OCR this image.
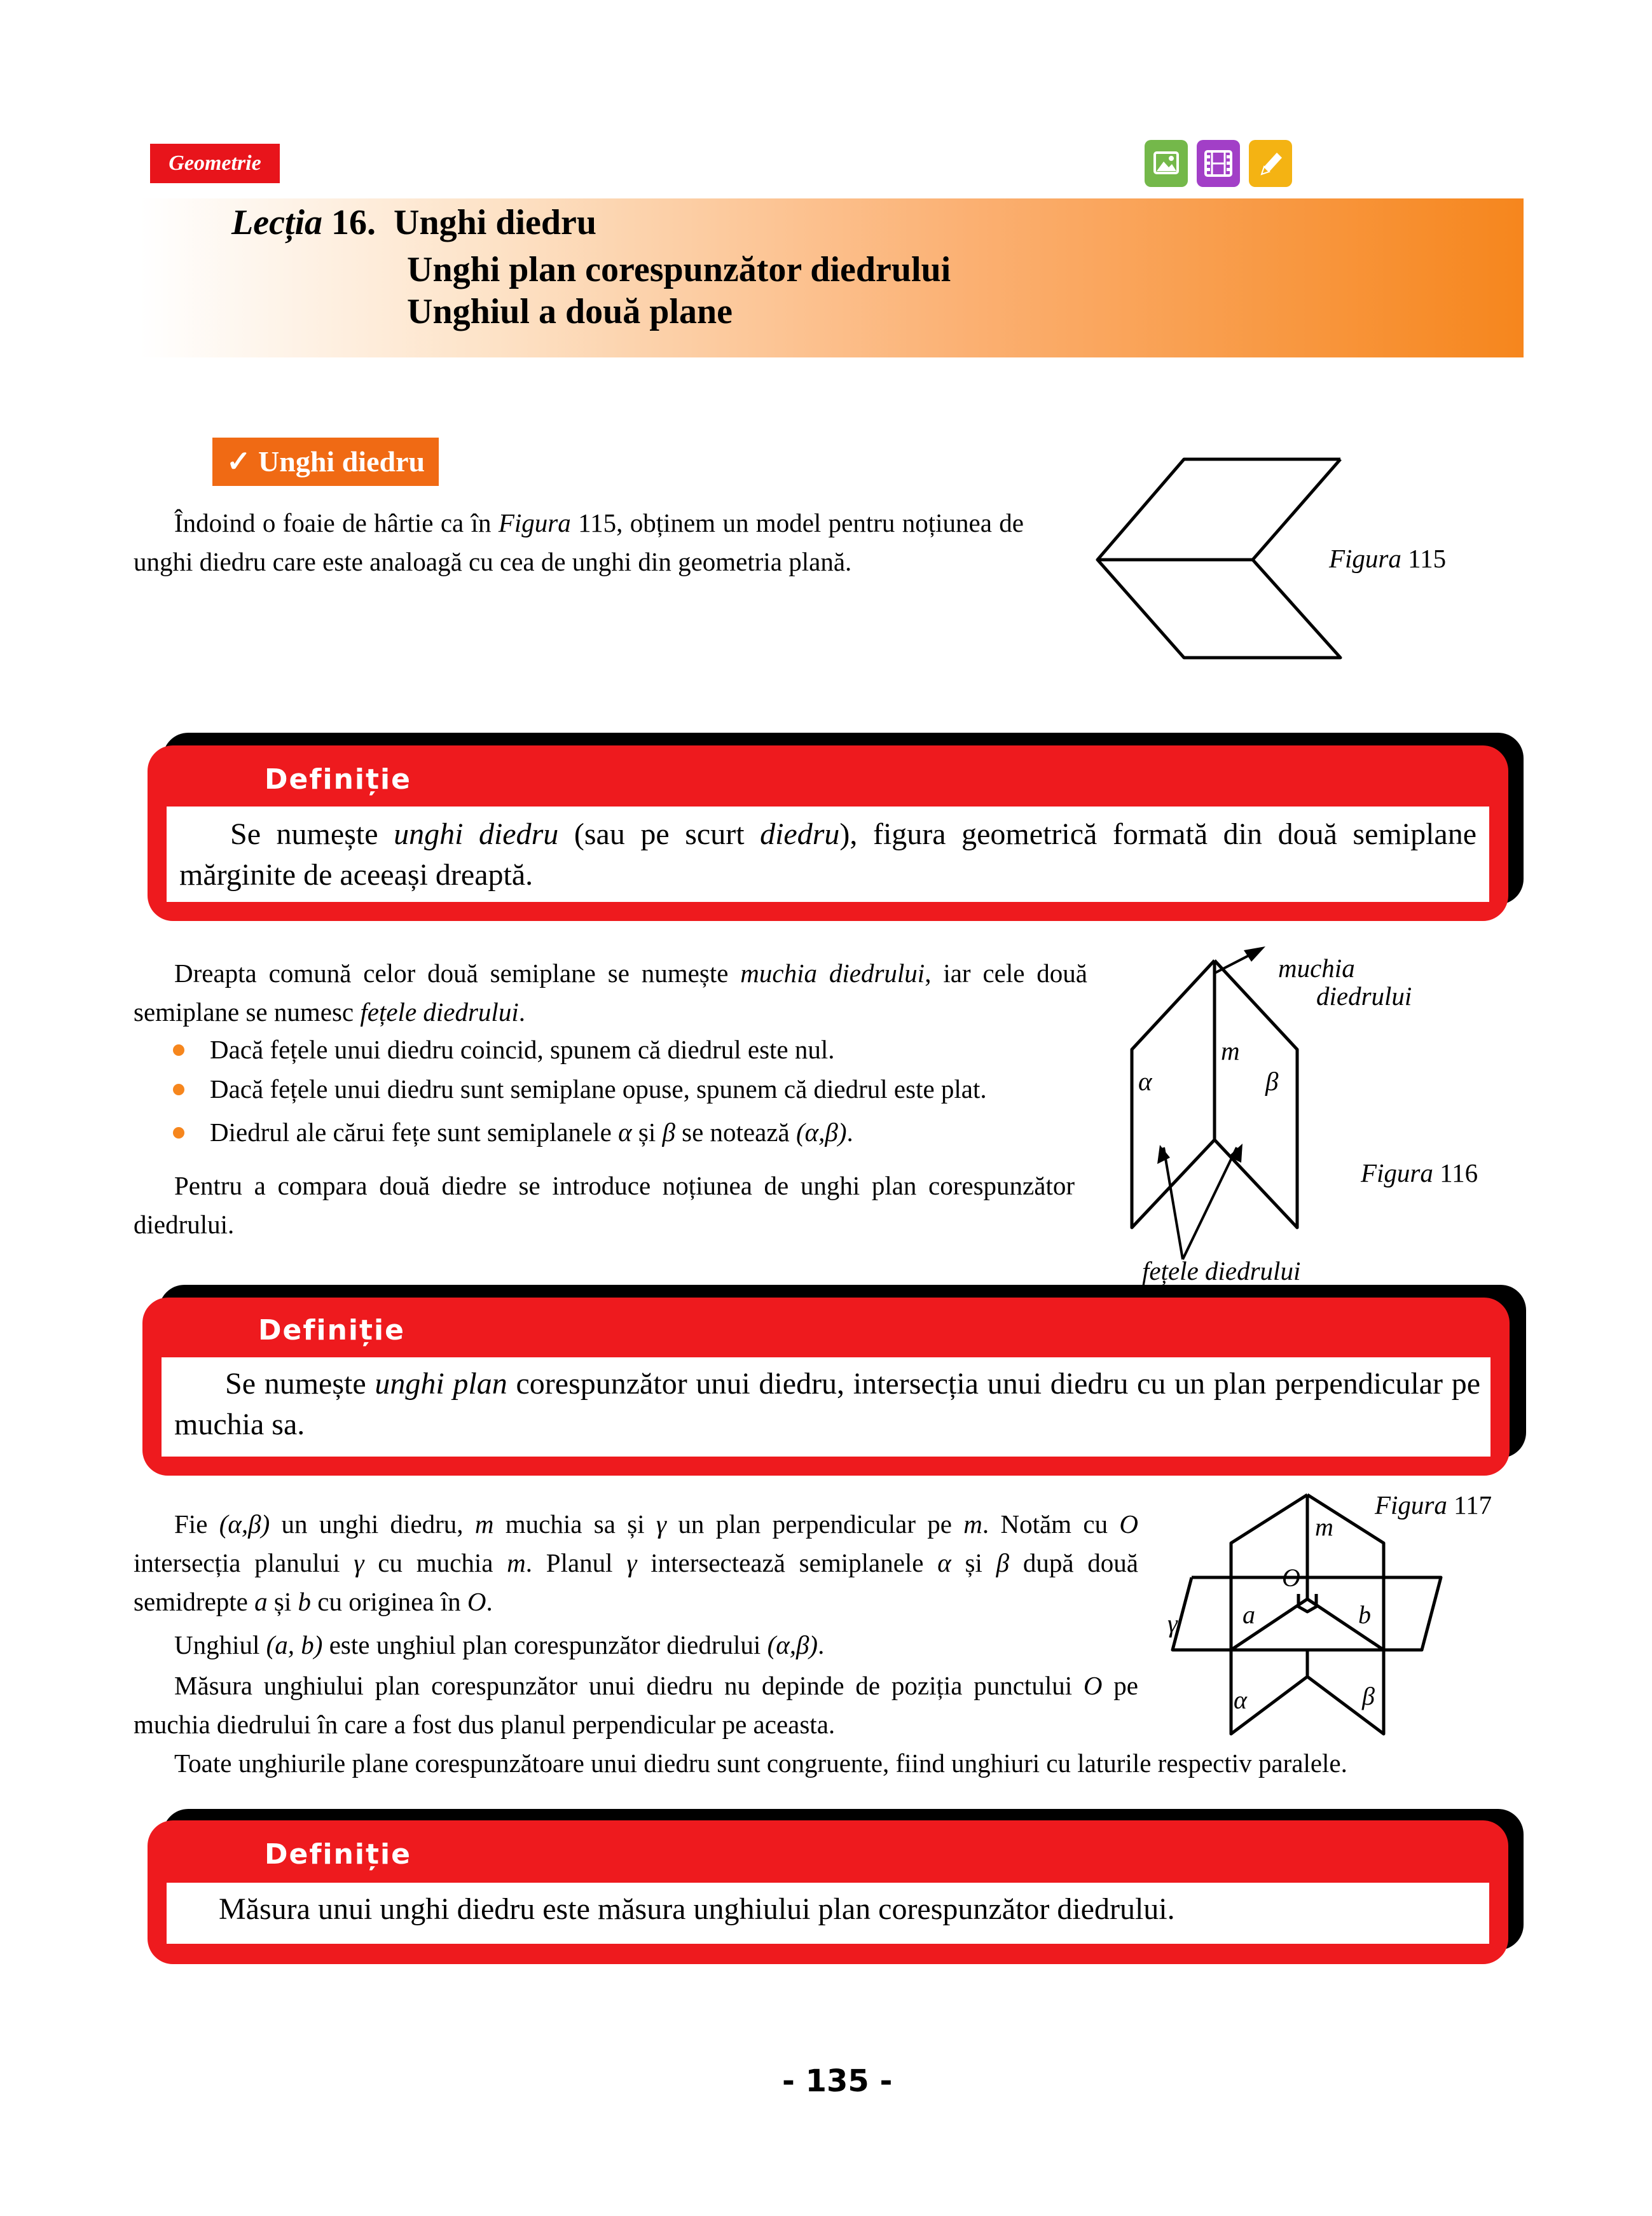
Geometrie
Lecția 16. Unghi diedru
Unghi plan corespunzător diedrului
Unghiul a două plane
✓ Unghi diedru
Îndoind o foaie de hârtie ca în Figura 115, obținem un model pentru noțiunea de unghi diedru care este analoagă cu cea de unghi din geometria plană.	Figura 115
Definiție
Se numește unghi diedru (sau pe scurt diedru), figura geometrică formată din două semiplane mărginite de aceeași dreaptă.
Dreapta comună celor două semiplane se numește muchia diedrului, iar cele două semiplane se numesc fețele diedrului.
Dacă fețele unui diedru coincid, spunem că diedrul este nul.
Dacă fețele unui diedru sunt semiplane opuse, spunem că diedrul este plat.
Diedrul ale cărui fețe sunt semiplanele α și β se notează (α,β).
Pentru a compara două diedre se introduce noțiunea de unghi plan corespunzător diedrului.
muchia
diedrului
m
α	β
fețele diedrului
Figura 116
Definiție
Se numește unghi plan corespunzător unui diedru, intersecția unui diedru cu un plan perpendicular pe muchia sa.
Fie (α,β) un unghi diedru, m muchia sa și γ un plan perpendicular pe m. Notăm cu O intersecția planului γ cu muchia m. Planul γ intersectează semiplanele α și β după două semidrepte a și b cu originea în O.
Unghiul (a, b) este unghiul plan corespunzător diedrului (α,β).
Măsura unghiului plan corespunzător unui diedru nu depinde de poziția punctului O pe muchia diedrului în care a fost dus planul perpendicular pe aceasta.
Toate unghiurile plane corespunzătoare unui diedru sunt congruente, fiind unghiuri cu laturile respectiv paralele.
m
O
a	b
γ
α	β
Figura 117
Definiție
Măsura unui unghi diedru este măsura unghiului plan corespunzător diedrului.
- 135 -
